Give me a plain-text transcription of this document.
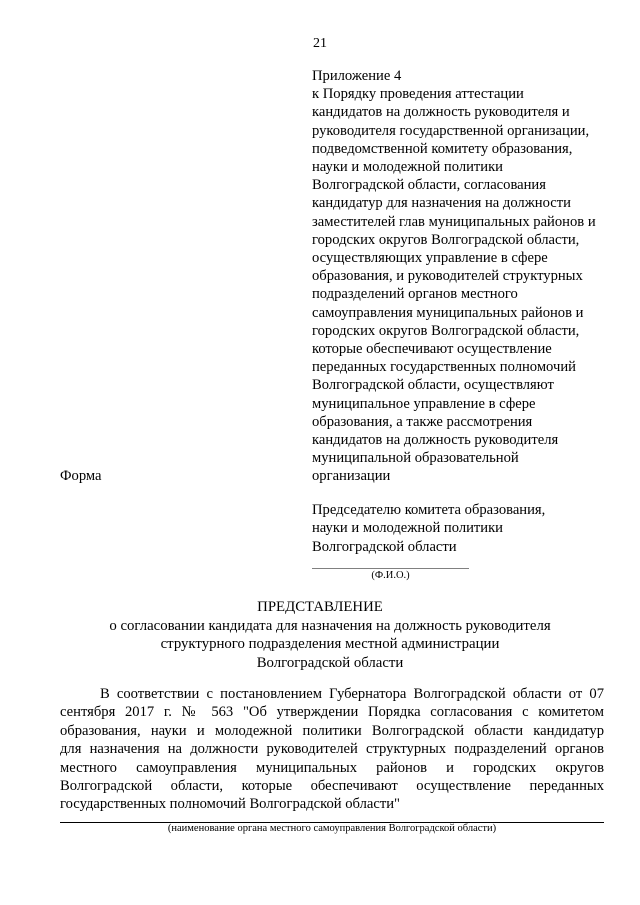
21
Приложение 4
к Порядку проведения аттестации
кандидатов на должность руководителя и
руководителя государственной организации,
подведомственной комитету образования,
науки и молодежной политики
Волгоградской области, согласования
кандидатур для назначения на должности
заместителей глав муниципальных районов и
городских округов Волгоградской области,
осуществляющих управление в сфере
образования, и руководителей структурных
подразделений органов местного
самоуправления муниципальных районов и
городских округов Волгоградской области,
которые обеспечивают осуществление
переданных государственных полномочий
Волгоградской области, осуществляют
муниципальное управление в сфере
образования, а также рассмотрения
кандидатов на должность руководителя
муниципальной образовательной
организации
Форма
Председателю комитета образования,
науки и молодежной политики
Волгоградской области
(Ф.И.О.)
ПРЕДСТАВЛЕНИЕ
о согласовании кандидата для назначения на должность руководителя
структурного подразделения местной администрации
Волгоградской области
В соответствии с постановлением Губернатора Волгоградской области от 07
сентября 2017 г. № 563 "Об утверждении Порядка согласования с комитетом
образования, науки и молодежной политики Волгоградской области кандидатур
для назначения на должности руководителей структурных подразделений органов
местного самоуправления муниципальных районов и городских округов
Волгоградской области, которые обеспечивают осуществление переданных
государственных полномочий Волгоградской области"
(наименование органа местного самоуправления Волгоградской области)
